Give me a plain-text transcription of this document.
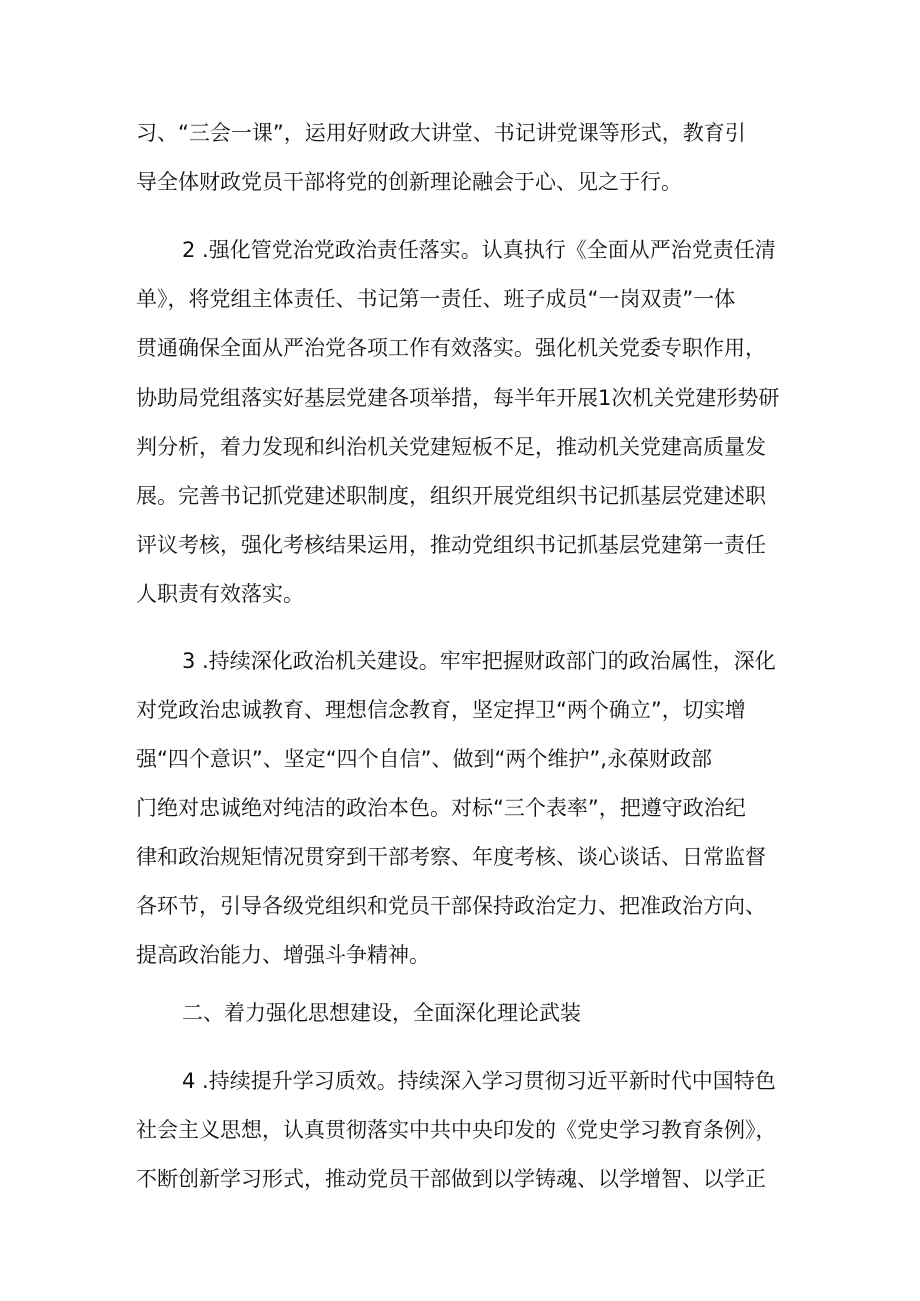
习、“三会一课”，运用好财政大讲堂、书记讲党课等形式，教育引
导全体财政党员干部将党的创新理论融会于心、见之于行。
2 .强化管党治党政治责任落实。认真执行《全面从严治党责任清
单》，将党组主体责任、书记第一责任、班子成员“一岗双责”一体
贯通确保全面从严治党各项工作有效落实。强化机关党委专职作用，
协助局党组落实好基层党建各项举措，每半年开展1次机关党建形势研
判分析，着力发现和纠治机关党建短板不足，推动机关党建高质量发
展。完善书记抓党建述职制度，组织开展党组织书记抓基层党建述职
评议考核，强化考核结果运用，推动党组织书记抓基层党建第一责任
人职责有效落实。
3 .持续深化政治机关建设。牢牢把握财政部门的政治属性，深化
对党政治忠诚教育、理想信念教育，坚定捍卫“两个确立”，切实增
强“四个意识”、坚定“四个自信”、做到“两个维护”,永葆财政部
门绝对忠诚绝对纯洁的政治本色。对标“三个表率”，把遵守政治纪
律和政治规矩情况贯穿到干部考察、年度考核、谈心谈话、日常监督
各环节，引导各级党组织和党员干部保持政治定力、把准政治方向、
提高政治能力、增强斗争精神。
二、着力强化思想建设，全面深化理论武装
4 .持续提升学习质效。持续深入学习贯彻习近平新时代中国特色
社会主义思想，认真贯彻落实中共中央印发的《党史学习教育条例》，
不断创新学习形式，推动党员干部做到以学铸魂、以学增智、以学正
